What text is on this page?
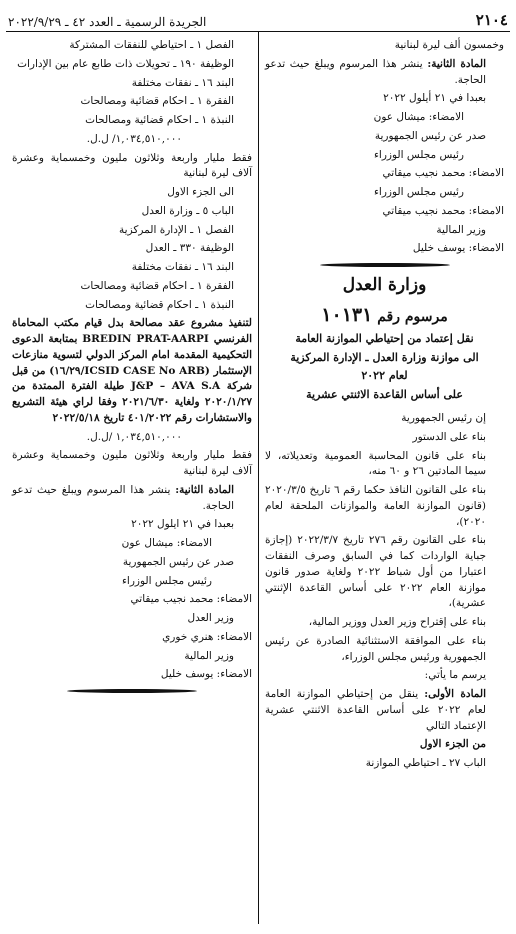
الجريدة الرسمية ـ العدد ٤٢ ـ ٢٠٢٢/٩/٢٩	٢١٠٤
وخمسون ألف ليرة لبنانية
المادة الثانية: ينشر هذا المرسوم ويبلغ حيث تدعو الحاجة.
بعبدا في ٢١ أيلول ٢٠٢٢
الامضاء: ميشال عون
صدر عن رئيس الجمهورية
رئيس مجلس الوزراء
الامضاء: محمد نجيب ميقاتي
رئيس مجلس الوزراء
الامضاء: محمد نجيب ميقاتي
وزير المالية
الامضاء: يوسف خليل
وزارة العدل
مرسوم رقم ١٠١٣١
نقل إعتماد من إحتياطي الموازنة العامة
الى موازنة وزارة العدل ـ الإدارة المركزية
لعام ٢٠٢٢
على أساس القاعدة الاثنتي عشرية
إن رئيس الجمهورية
بناء على الدستور
بناء على قانون المحاسبة العمومية وتعديلاته، لا سيما المادتين ٢٦ و ٦٠ منه،
بناء على القانون النافذ حكما رقم ٦ تاريخ ٢٠٢٠/٣/٥ (قانون الموازنة العامة والموازنات الملحقة لعام ٢٠٢٠)،
بناء على القانون رقم ٢٧٦ تاريخ ٢٠٢٢/٣/٧ (إجازة جباية الواردات كما في السابق وصرف النفقات اعتبارا من أول شباط ٢٠٢٢ ولغاية صدور قانون موازنة العام ٢٠٢٢ على أساس القاعدة الإثنتي عشرية)،
بناء على إقتراح وزير العدل ووزير المالية،
بناء على الموافقة الاستثنائية الصادرة عن رئيس الجمهورية ورئيس مجلس الوزراء،
يرسم ما يأتي:
المادة الأولى: ينقل من إحتياطي الموازنة العامة لعام ٢٠٢٢ على أساس القاعدة الاثنتي عشرية الإعتماد التالي
من الجزء الاول
الباب ٢٧ ـ احتياطي الموازنة
الفصل ١ ـ احتياطي للنفقات المشتركة
الوظيفة ١٩٠ ـ تحويلات ذات طابع عام بين الإدارات
البند ١٦ ـ نفقات مختلفة
الفقرة ١ ـ احكام قضائية ومصالحات
النبذة ١ ـ احكام قضائية ومصالحات
١,٠٣٤,٥١٠,٠٠٠/ ل.ل.
فقط مليار واربعة وثلاثون مليون وخمسماية وعشرة آلاف ليرة لبنانية
الى الجزء الاول
الباب ٥ ـ وزارة العدل
الفصل ١ ـ الإدارة المركزية
الوظيفة ٣٣٠ ـ العدل
البند ١٦ ـ نفقات مختلفة
الفقرة ١ ـ احكام قضائية ومصالحات
النبذة ١ ـ احكام قضائية ومصالحات
لتنفيذ مشروع عقد مصالحة بدل قيام مكتب المحاماة الفرنسي BREDIN PRAT-AARPI بمتابعة الدعوى التحكيمية المقدمة امام المركز الدولي لتسوية منازعات الإستثمار (ICSID CASE No ARB/١٦/٢٩) من قبل شركة J&P – AVA S.A طيلة الفترة الممتدة من ٢٠٢٠/١/٢٧ ولغاية ٢٠٢١/٦/٣٠ وفقا لراي هيئة التشريع والاستشارات رقم ٤٠١/٢٠٢٢ تاريخ ٢٠٢٢/٥/١٨
١,٠٣٤,٥١٠,٠٠٠ /ل.ل.
فقط مليار واربعة وثلاثون مليون وخمسماية وعشرة آلاف ليرة لبنانية
المادة الثانية: ينشر هذا المرسوم ويبلغ حيث تدعو الحاجة.
بعبدا في ٢١ ايلول ٢٠٢٢
الامضاء: ميشال عون
صدر عن رئيس الجمهورية
رئيس مجلس الوزراء
الامضاء: محمد نجيب ميقاتي
وزير العدل
الامضاء: هنري خوري
وزير المالية
الامضاء: يوسف خليل
